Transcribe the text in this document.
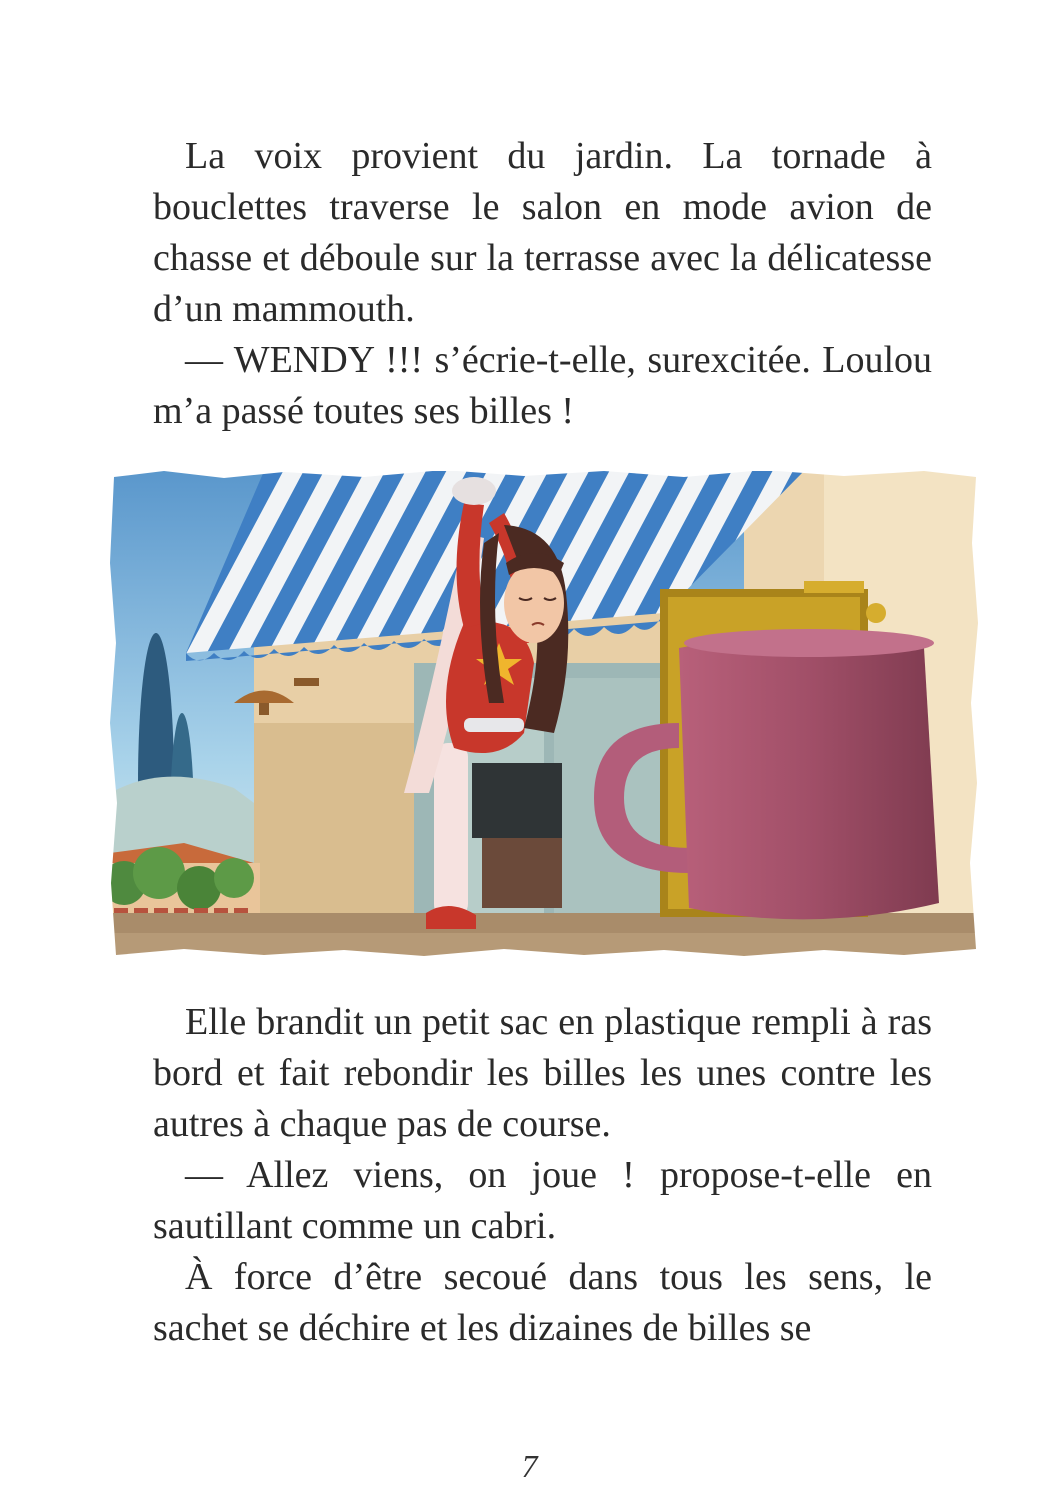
La voix provient du jardin. La tornade à bouclettes traverse le salon en mode avion de chasse et déboule sur la terrasse avec la délicatesse d’un mammouth.

— WENDY !!! s’écrie-t-elle, surexcitée. Loulou m’a passé toutes ses billes !

Elle brandit un petit sac en plastique rempli à ras bord et fait rebondir les billes les unes contre les autres à chaque pas de course.

— Allez viens, on joue ! propose-t-elle en sautillant comme un cabri.

À force d’être secoué dans tous les sens, le sachet se déchire et les dizaines de billes se

7
